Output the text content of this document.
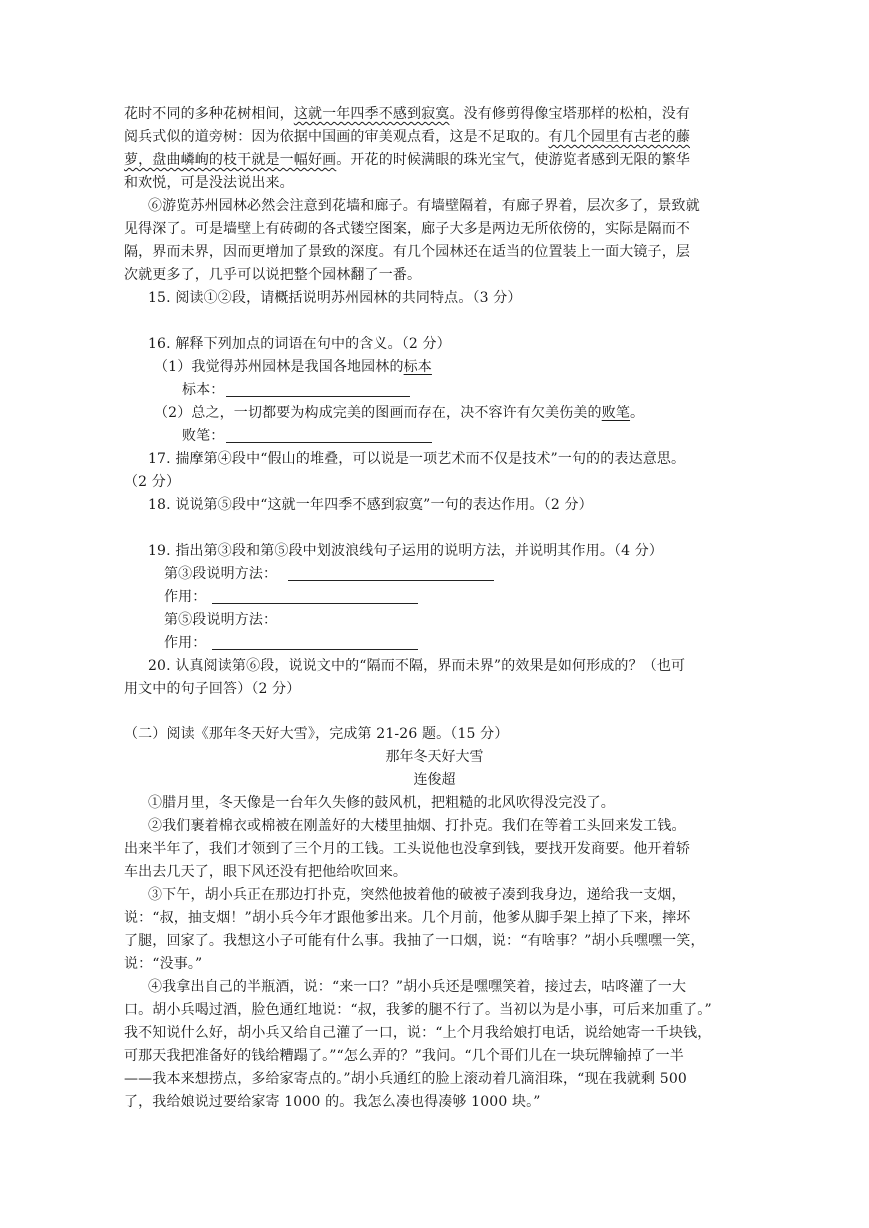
花时不同的多种花树相间，这就一年四季不感到寂寞。没有修剪得像宝塔那样的松柏，没有
阅兵式似的道旁树：因为依据中国画的审美观点看，这是不足取的。有几个园里有古老的藤
萝，盘曲嶙峋的枝干就是一幅好画。开花的时候满眼的珠光宝气，使游览者感到无限的繁华
和欢悦，可是没法说出来。
⑥游览苏州园林必然会注意到花墙和廊子。有墙壁隔着，有廊子界着，层次多了，景致就
见得深了。可是墙壁上有砖砌的各式镂空图案，廊子大多是两边无所依傍的，实际是隔而不
隔，界而未界，因而更增加了景致的深度。有几个园林还在适当的位置装上一面大镜子，层
次就更多了，几乎可以说把整个园林翻了一番。
15. 阅读①②段，请概括说明苏州园林的共同特点。（3 分）
16. 解释下列加点的词语在句中的含义。（2 分）
（1）我觉得苏州园林是我国各地园林的标本
标本：
（2）总之，一切都要为构成完美的图画而存在，决不容许有欠美伤美的败笔。
败笔：
17. 揣摩第④段中“假山的堆叠，可以说是一项艺术而不仅是技术”一句的的表达意思。
（2 分）
18. 说说第⑤段中“这就一年四季不感到寂寞”一句的表达作用。（2 分）
19. 指出第③段和第⑤段中划波浪线句子运用的说明方法，并说明其作用。（4 分）
第③段说明方法：
作用：
第⑤段说明方法：
作用：
20. 认真阅读第⑥段，说说文中的“隔而不隔，界而未界”的效果是如何形成的？（也可
用文中的句子回答）（2 分）
（二）阅读《那年冬天好大雪》，完成第 21-26 题。（15 分）
那年冬天好大雪
连俊超
①腊月里，冬天像是一台年久失修的鼓风机，把粗糙的北风吹得没完没了。
②我们裹着棉衣或棉被在刚盖好的大楼里抽烟、打扑克。我们在等着工头回来发工钱。
出来半年了，我们才领到了三个月的工钱。工头说他也没拿到钱，要找开发商要。他开着轿
车出去几天了，眼下风还没有把他给吹回来。
③下午，胡小兵正在那边打扑克，突然他披着他的破被子凑到我身边，递给我一支烟，
说：“叔，抽支烟！”胡小兵今年才跟他爹出来。几个月前，他爹从脚手架上掉了下来，摔坏
了腿，回家了。我想这小子可能有什么事。我抽了一口烟，说：“有啥事？”胡小兵嘿嘿一笑，
说：“没事。”
④我拿出自己的半瓶酒，说：“来一口？”胡小兵还是嘿嘿笑着，接过去，咕咚灌了一大
口。胡小兵喝过酒，脸色通红地说：“叔，我爹的腿不行了。当初以为是小事，可后来加重了。”
我不知说什么好，胡小兵又给自己灌了一口，说：“上个月我给娘打电话，说给她寄一千块钱，
可那天我把准备好的钱给糟蹋了。”“怎么弄的？”我问。“几个哥们儿在一块玩牌输掉了一半
——我本来想捞点，多给家寄点的。”胡小兵通红的脸上滚动着几滴泪珠，“现在我就剩 500
了，我给娘说过要给家寄 1000 的。我怎么凑也得凑够 1000 块。”
